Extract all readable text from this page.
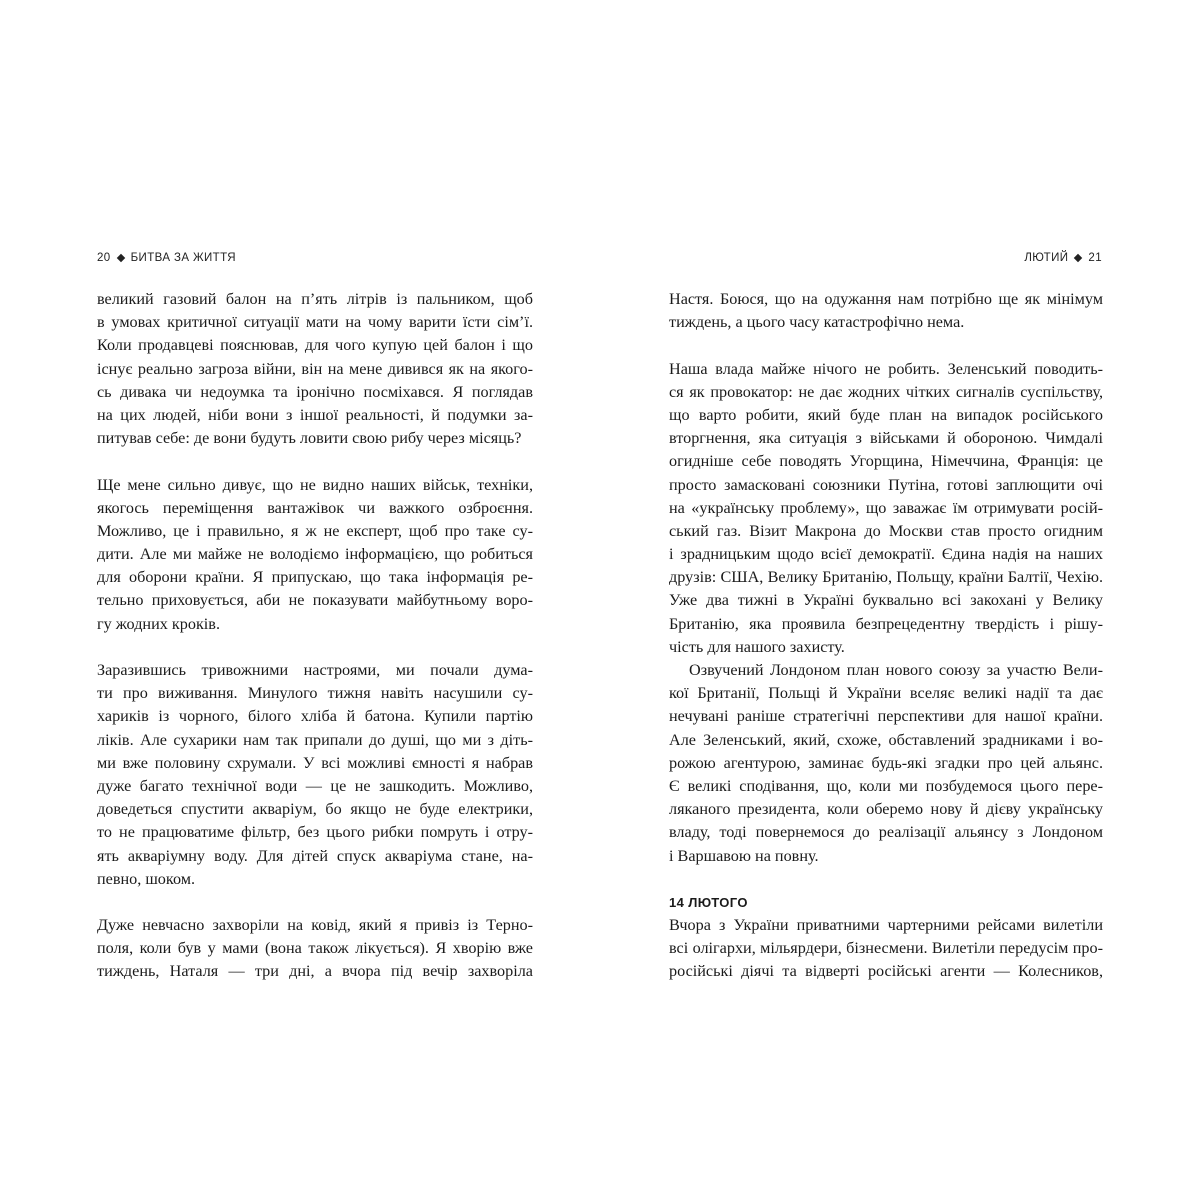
20 БИТВА ЗА ЖИТТЯ
великий газовий балон на п’ять літрів із пальником, щоб
в умовах критичної ситуації мати на чому варити їсти сім’ї.
Коли продавцеві пояснював, для чого купую цей балон і що
існує реально загроза війни, він на мене дивився як на якого-
сь дивака чи недоумка та іронічно посміхався. Я поглядав
на цих людей, ніби вони з іншої реальності, й подумки за-
питував себе: де вони будуть ловити свою рибу через місяць?
Ще мене сильно дивує, що не видно наших військ, техніки,
якогось переміщення вантажівок чи важкого озброєння.
Можливо, це і правильно, я ж не експерт, щоб про таке су-
дити. Але ми майже не володіємо інформацією, що робиться
для оборони країни. Я припускаю, що така інформація ре-
тельно приховується, аби не показувати майбутньому воро-
гу жодних кроків.
Заразившись тривожними настроями, ми почали дума-
ти про виживання. Минулого тижня навіть насушили су-
хариків із чорного, білого хліба й батона. Купили партію
ліків. Але сухарики нам так припали до душі, що ми з діть-
ми вже половину схрумали. У всі можливі ємності я набрав
дуже багато технічної води — це не зашкодить. Можливо,
доведеться спустити акваріум, бо якщо не буде електрики,
то не працюватиме фільтр, без цього рибки помруть і отру-
ять акваріумну воду. Для дітей спуск акваріума стане, на-
певно, шоком.
Дуже невчасно захворіли на ковід, який я привіз із Терно-
поля, коли був у мами (вона також лікується). Я хворію вже
тиждень, Наталя — три дні, а вчора під вечір захворіла
ЛЮТИЙ 21
Настя. Боюся, що на одужання нам потрібно ще як мінімум
тиждень, а цього часу катастрофічно нема.
Наша влада майже нічого не робить. Зеленський поводить-
ся як провокатор: не дає жодних чітких сигналів суспільству,
що варто робити, який буде план на випадок російського
вторгнення, яка ситуація з військами й обороною. Чимдалі
огидніше себе поводять Угорщина, Німеччина, Франція: це
просто замасковані союзники Путіна, готові заплющити очі
на «українську проблему», що заважає їм отримувати росій-
ський газ. Візит Макрона до Москви став просто огидним
і зрадницьким щодо всієї демократії. Єдина надія на наших
друзів: США, Велику Британію, Польщу, країни Балтії, Чехію.
Уже два тижні в Україні буквально всі закохані у Велику
Британію, яка проявила безпрецедентну твердість і рішу-
чість для нашого захисту.
Озвучений Лондоном план нового союзу за участю Вели-
кої Британії, Польщі й України вселяє великі надії та дає
нечувані раніше стратегічні перспективи для нашої країни.
Але Зеленський, який, схоже, обставлений зрадниками і во-
рожою агентурою, заминає будь-які згадки про цей альянс.
Є великі сподівання, що, коли ми позбудемося цього пере-
ляканого президента, коли оберемо нову й дієву українську
владу, тоді повернемося до реалізації альянсу з Лондоном
і Варшавою на повну.
14 ЛЮТОГО
Вчора з України приватними чартерними рейсами вилетіли
всі олігархи, мільярдери, бізнесмени. Вилетіли передусім про-
російські діячі та відверті російські агенти — Колесников,
